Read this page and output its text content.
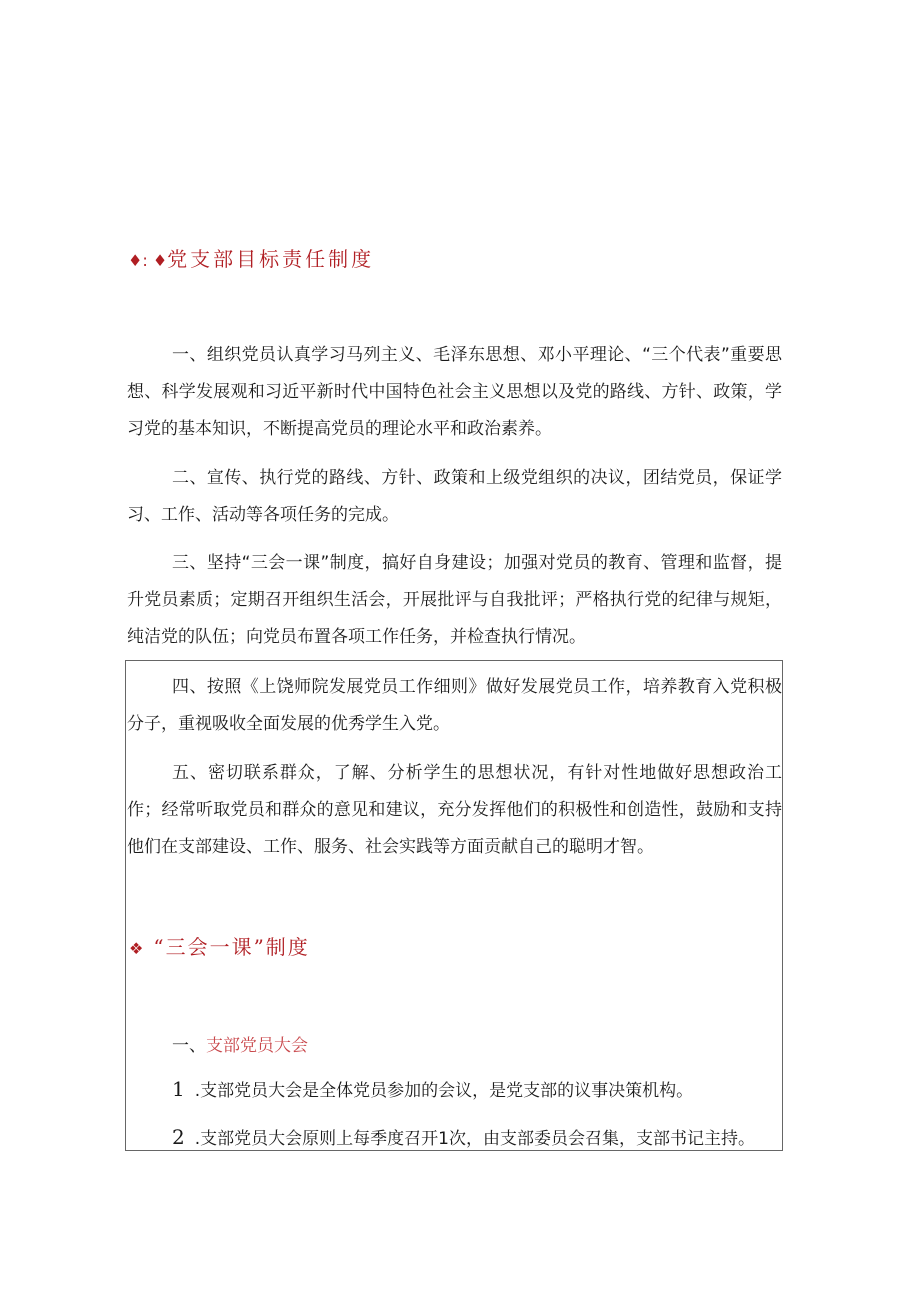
♦: ♦党支部目标责任制度

一、组织党员认真学习马列主义、毛泽东思想、邓小平理论、“三个代表”重要思想、科学发展观和习近平新时代中国特色社会主义思想以及党的路线、方针、政策，学习党的基本知识，不断提高党员的理论水平和政治素养。

二、宣传、执行党的路线、方针、政策和上级党组织的决议，团结党员，保证学习、工作、活动等各项任务的完成。

三、坚持“三会一课”制度，搞好自身建设；加强对党员的教育、管理和监督，提升党员素质；定期召开组织生活会，开展批评与自我批评；严格执行党的纪律与规矩，纯洁党的队伍；向党员布置各项工作任务，并检查执行情况。

四、按照《上饶师院发展党员工作细则》做好发展党员工作，培养教育入党积极分子，重视吸收全面发展的优秀学生入党。

五、密切联系群众，了解、分析学生的思想状况，有针对性地做好思想政治工作；经常听取党员和群众的意见和建议，充分发挥他们的积极性和创造性，鼓励和支持他们在支部建设、工作、服务、社会实践等方面贡献自己的聪明才智。

❖ “三会一课”制度
一、支部党员大会
1 .支部党员大会是全体党员参加的会议，是党支部的议事决策机构。
2 .支部党员大会原则上每季度召开1次，由支部委员会召集，支部书记主持。
